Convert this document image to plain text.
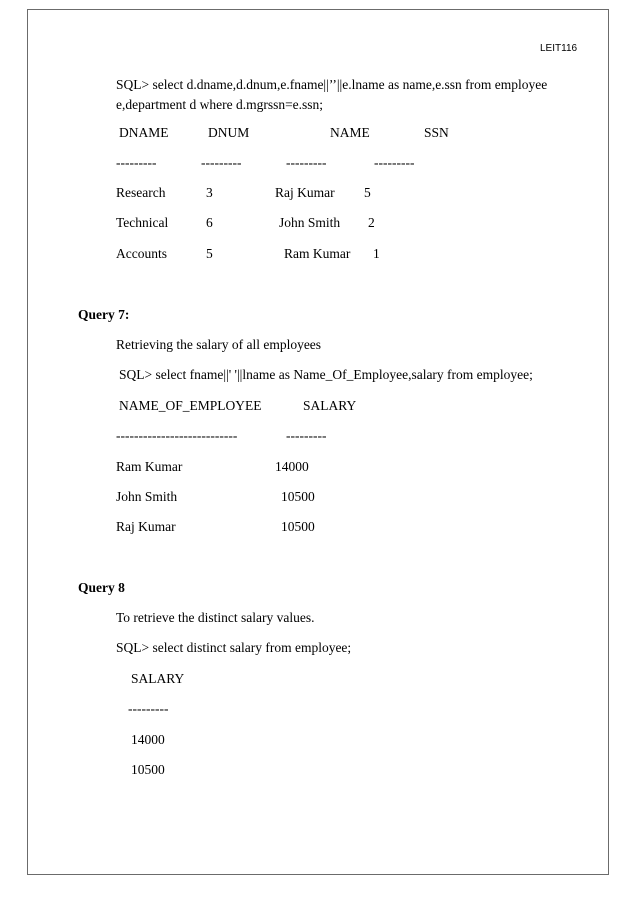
LEIT116
SQL> select d.dname,d.dnum,e.fname||’’||e.lname as name,e.ssn from employee
e,department d where d.mgrssn=e.ssn;
DNAME	DNUM	NAME	SSN
---------	---------	---------	---------
Research	3	Raj Kumar 5
Technical	6	John Smith 2
Accounts	5	Ram Kumar 1
Query 7:
Retrieving the salary of all employees
SQL> select fname||' '||lname as Name_Of_Employee,salary from employee;
NAME_OF_EMPLOYEE	SALARY
---------------------------	---------
Ram Kumar	14000
John Smith	10500
Raj Kumar	10500
Query 8
To retrieve the distinct salary values.
SQL> select distinct salary from employee;
SALARY
---------
14000
10500
